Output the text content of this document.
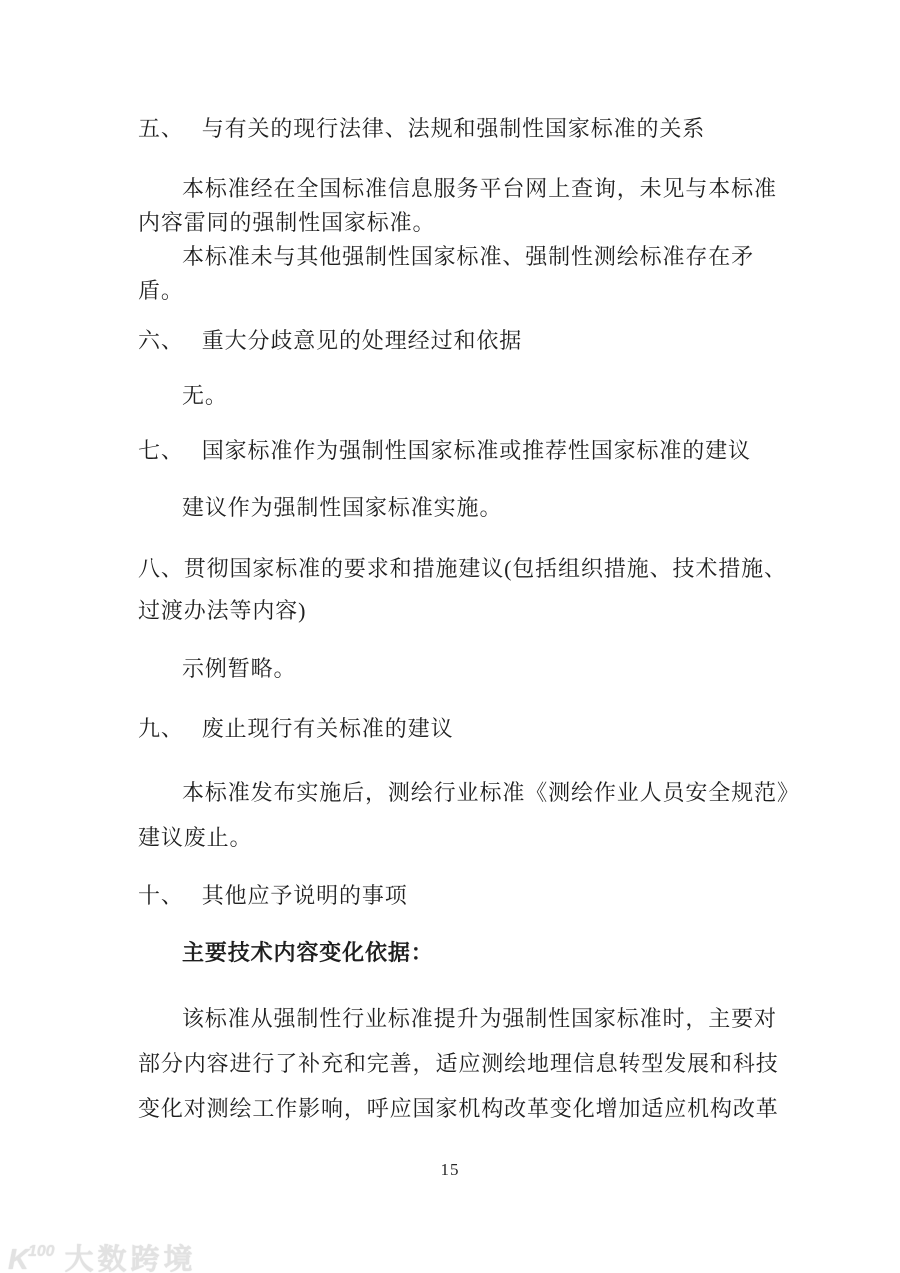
五、 与有关的现行法律、法规和强制性国家标准的关系
本标准经在全国标准信息服务平台网上查询，未见与本标准
内容雷同的强制性国家标准。
本标准未与其他强制性国家标准、强制性测绘标准存在矛
盾。
六、 重大分歧意见的处理经过和依据
无。
七、 国家标准作为强制性国家标准或推荐性国家标准的建议
建议作为强制性国家标准实施。
八、贯彻国家标准的要求和措施建议(包括组织措施、技术措施、
过渡办法等内容)
示例暂略。
九、 废止现行有关标准的建议
本标准发布实施后，测绘行业标准《测绘作业人员安全规范》
建议废止。
十、 其他应予说明的事项
主要技术内容变化依据：
该标准从强制性行业标准提升为强制性国家标准时，主要对
部分内容进行了补充和完善，适应测绘地理信息转型发展和科技
变化对测绘工作影响，呼应国家机构改革变化增加适应机构改革
15
$K^{100}$ 大数跨境
